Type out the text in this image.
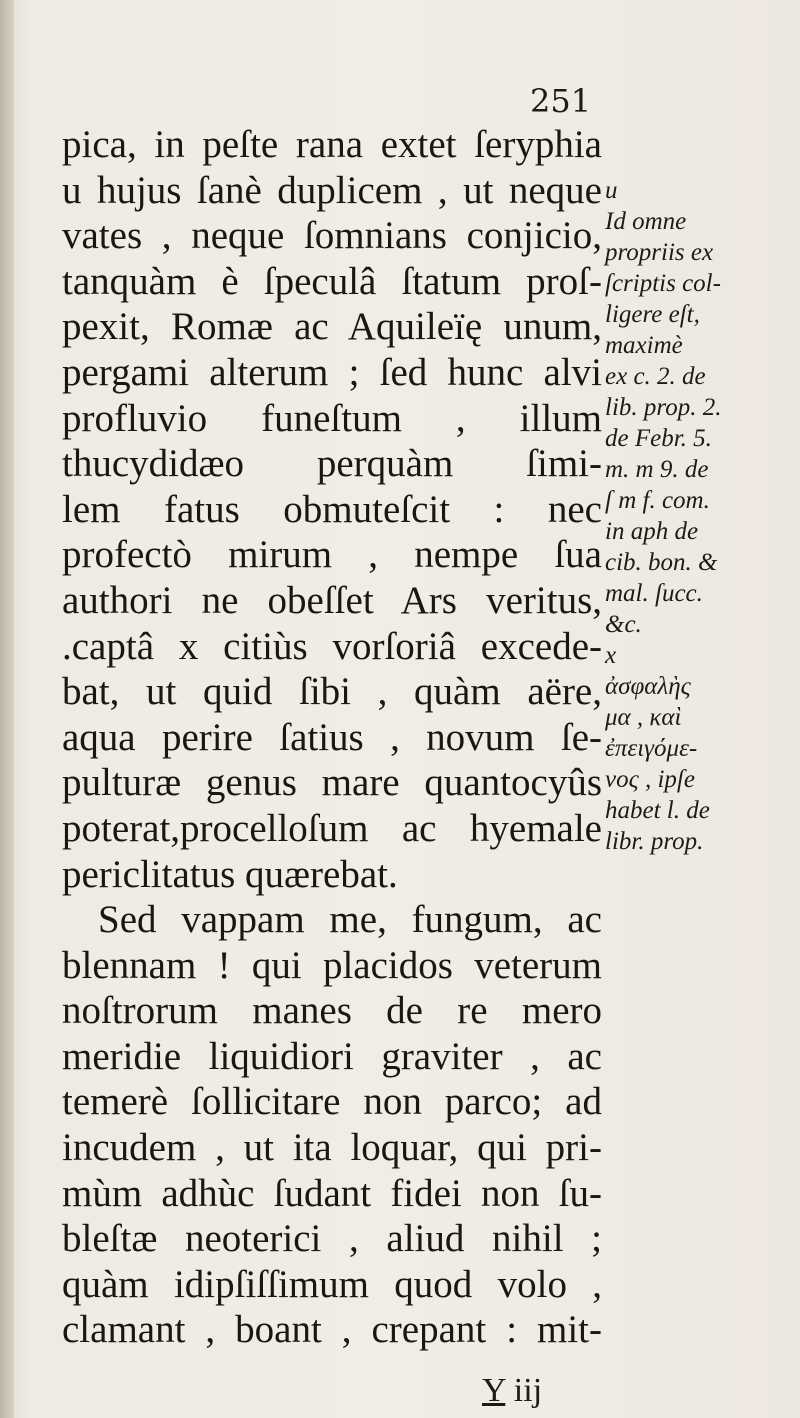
251
pica, in peſte rana extet ſeryphia
u hujus ſanè duplicem , ut neque
vates , neque ſomnians conjicio,
tanquàm è ſpeculâ ſtatum proſ-
pexit, Romæ ac Aquileïę unum,
pergami alterum ; ſed hunc alvi
profluvio funeſtum , illum
thucydidæo perquàm ſimi-
lem fatus obmuteſcit : nec
profectò mirum , nempe ſua
authori ne obeſſet Ars veritus,
.captâ x citiùs vorſoriâ excede-
bat, ut quid ſibi , quàm aëre,
aqua perire ſatius , novum ſe-
pulturæ genus mare quantocyûs
poterat,procelloſum ac hyemale
periclitatus quærebat.
Sed vappam me, fungum, ac
blennam ! qui placidos veterum
noſtrorum manes de re mero
meridie liquidiori graviter , ac
temerè ſollicitare non parco; ad
incudem , ut ita loquar, qui pri-
mùm adhùc ſudant fidei non ſu-
bleſtæ neoterici , aliud nihil ;
quàm idipſiſſimum quod volo ,
clamant , boant , crepant : mit-
u
Id omne
propriis ex
ſcriptis col-
ligere eſt,
maximè
ex c. 2. de
lib. prop. 2.
de Febr. 5.
m. m 9. de
ſ m f. com.
in aph de
cib. bon. &
mal. ſucc.
&c.
x
ἀσφαλὴς
μα , καὶ
ἐπειγόμε-
νος , ipſe
habet l. de
libr. prop.
Y iij
